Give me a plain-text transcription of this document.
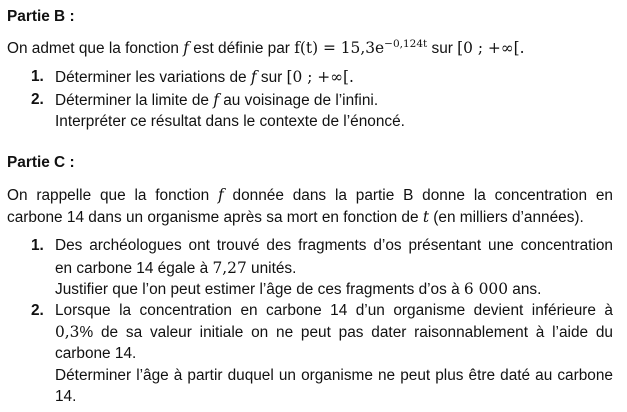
Partie B :
On admet que la fonction f est définie par $f(t) = 15,3e^{-0,124t}$ sur [0 ; +∞[.
1. Déterminer les variations de f sur [0 ; +∞[.
2. Déterminer la limite de f au voisinage de l’infini.
Interpréter ce résultat dans le contexte de l’énoncé.
Partie C :
On rappelle que la fonction f donnée dans la partie B donne la concentration en
carbone 14 dans un organisme après sa mort en fonction de t (en milliers d’années).
1. Des archéologues ont trouvé des fragments d’os présentant une concentration
en carbone 14 égale à 7,27 unités.
Justifier que l’on peut estimer l’âge de ces fragments d’os à 6 000 ans.
2. Lorsque la concentration en carbone 14 d’un organisme devient inférieure à
0,3% de sa valeur initiale on ne peut pas dater raisonnablement à l’aide du
carbone 14.
Déterminer l’âge à partir duquel un organisme ne peut plus être daté au carbone
14.
